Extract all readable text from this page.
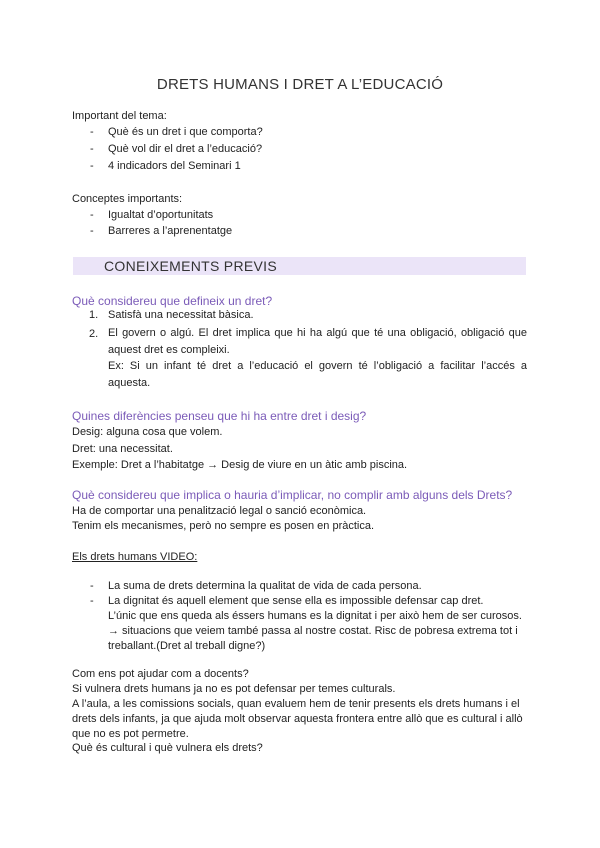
DRETS HUMANS I DRET A L’EDUCACIÓ
Important del tema:
- Què és un dret i que comporta?
- Què vol dir el dret a l’educació?
- 4 indicadors del Seminari 1
Conceptes importants:
- Igualtat d’oportunitats
- Barreres a l’aprenentatge
CONEIXEMENTS PREVIS
Què considereu que defineix un dret?
1. Satisfà una necessitat bàsica.
2. El govern o algú. El dret implica que hi ha algú que té una obligació, obligació que aquest dret es compleixi.
Ex: Si un infant té dret a l’educació el govern té l’obligació a facilitar l’accés a aquesta.
Quines diferències penseu que hi ha entre dret i desig?
Desig: alguna cosa que volem.
Dret: una necessitat.
Exemple: Dret a l’habitatge → Desig de viure en un àtic amb piscina.
Què considereu que implica o hauria d’implicar, no complir amb alguns dels Drets?
Ha de comportar una penalització legal o sanció econòmica.
Tenim els mecanismes, però no sempre es posen en pràctica.
Els drets humans VIDEO:
- La suma de drets determina la qualitat de vida de cada persona.
- La dignitat és aquell element que sense ella es impossible defensar cap dret.
L’únic que ens queda als éssers humans es la dignitat i per això hem de ser curosos.
→ situacions que veiem també passa al nostre costat. Risc de pobresa extrema tot i
treballant.(Dret al treball digne?)
Com ens pot ajudar com a docents?
Si vulnera drets humans ja no es pot defensar per temes culturals.
A l’aula, a les comissions socials, quan evaluem hem de tenir presents els drets humans i el
drets dels infants, ja que ajuda molt observar aquesta frontera entre allò que es cultural i allò
que no es pot permetre.
Què és cultural i què vulnera els drets?
